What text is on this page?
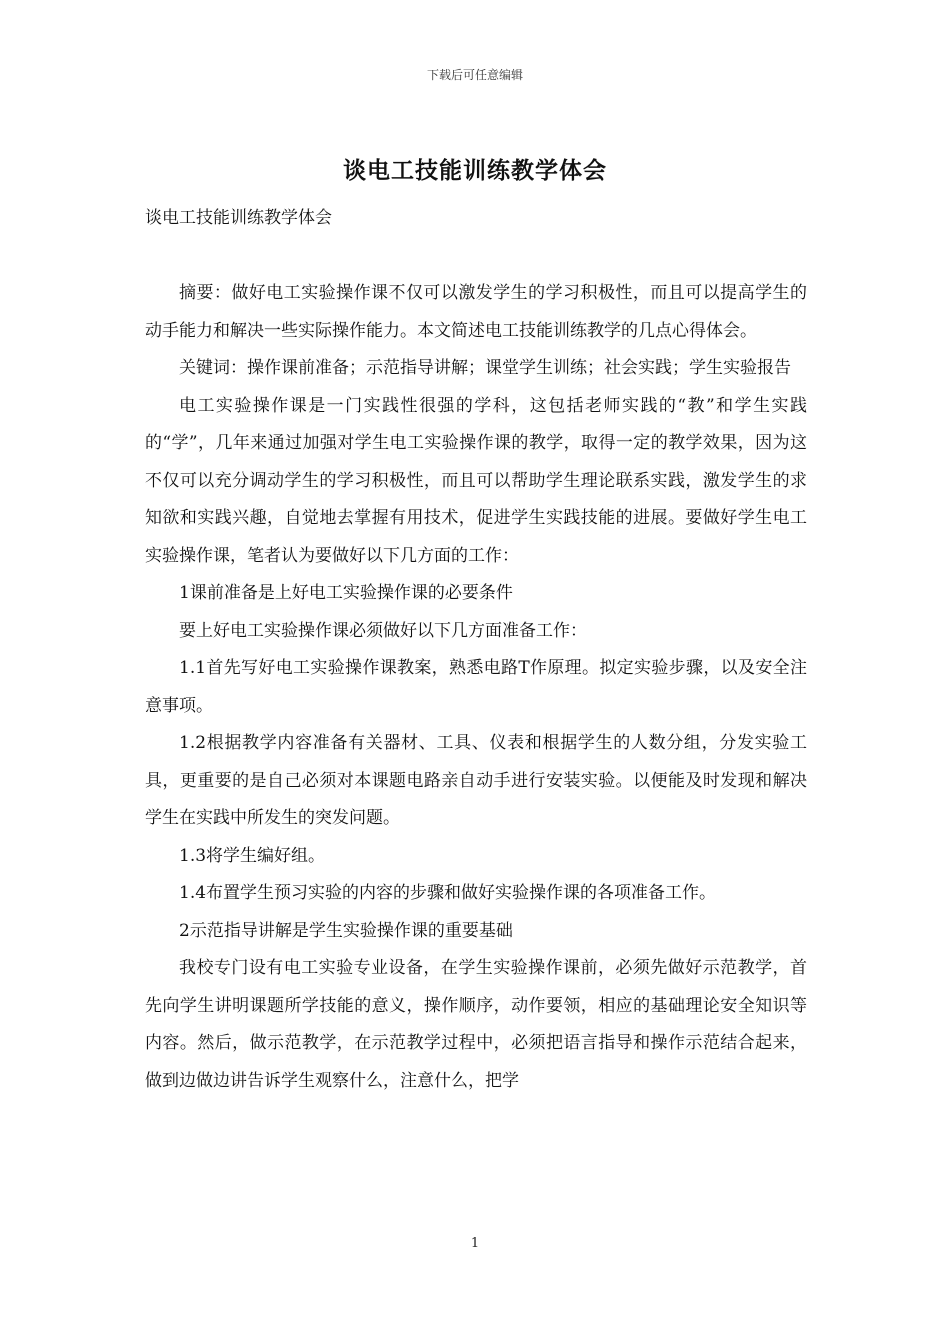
下载后可任意编辑
谈电工技能训练教学体会

谈电工技能训练教学体会

摘要：做好电工实验操作课不仅可以激发学生的学习积极性，而且可以提高学生的动手能力和解决一些实际操作能力。本文简述电工技能训练教学的几点心得体会。

关键词：操作课前准备；示范指导讲解；课堂学生训练；社会实践；学生实验报告

电工实验操作课是一门实践性很强的学科，这包括老师实践的“教”和学生实践的“学”，几年来通过加强对学生电工实验操作课的教学，取得一定的教学效果，因为这不仅可以充分调动学生的学习积极性，而且可以帮助学生理论联系实践，激发学生的求知欲和实践兴趣，自觉地去掌握有用技术，促进学生实践技能的进展。要做好学生电工实验操作课，笔者认为要做好以下几方面的工作：

1课前准备是上好电工实验操作课的必要条件

要上好电工实验操作课必须做好以下几方面准备工作：

1.1首先写好电工实验操作课教案，熟悉电路T作原理。拟定实验步骤，以及安全注意事项。

1.2根据教学内容准备有关器材、工具、仪表和根据学生的人数分组，分发实验工具，更重要的是自己必须对本课题电路亲自动手进行安装实验。以便能及时发现和解决学生在实践中所发生的突发问题。

1.3将学生编好组。

1.4布置学生预习实验的内容的步骤和做好实验操作课的各项准备工作。

2示范指导讲解是学生实验操作课的重要基础

我校专门设有电工实验专业设备，在学生实验操作课前，必须先做好示范教学，首先向学生讲明课题所学技能的意义，操作顺序，动作要领，相应的基础理论安全知识等内容。然后，做示范教学，在示范教学过程中，必须把语言指导和操作示范结合起来，做到边做边讲告诉学生观察什么，注意什么，把学

1
